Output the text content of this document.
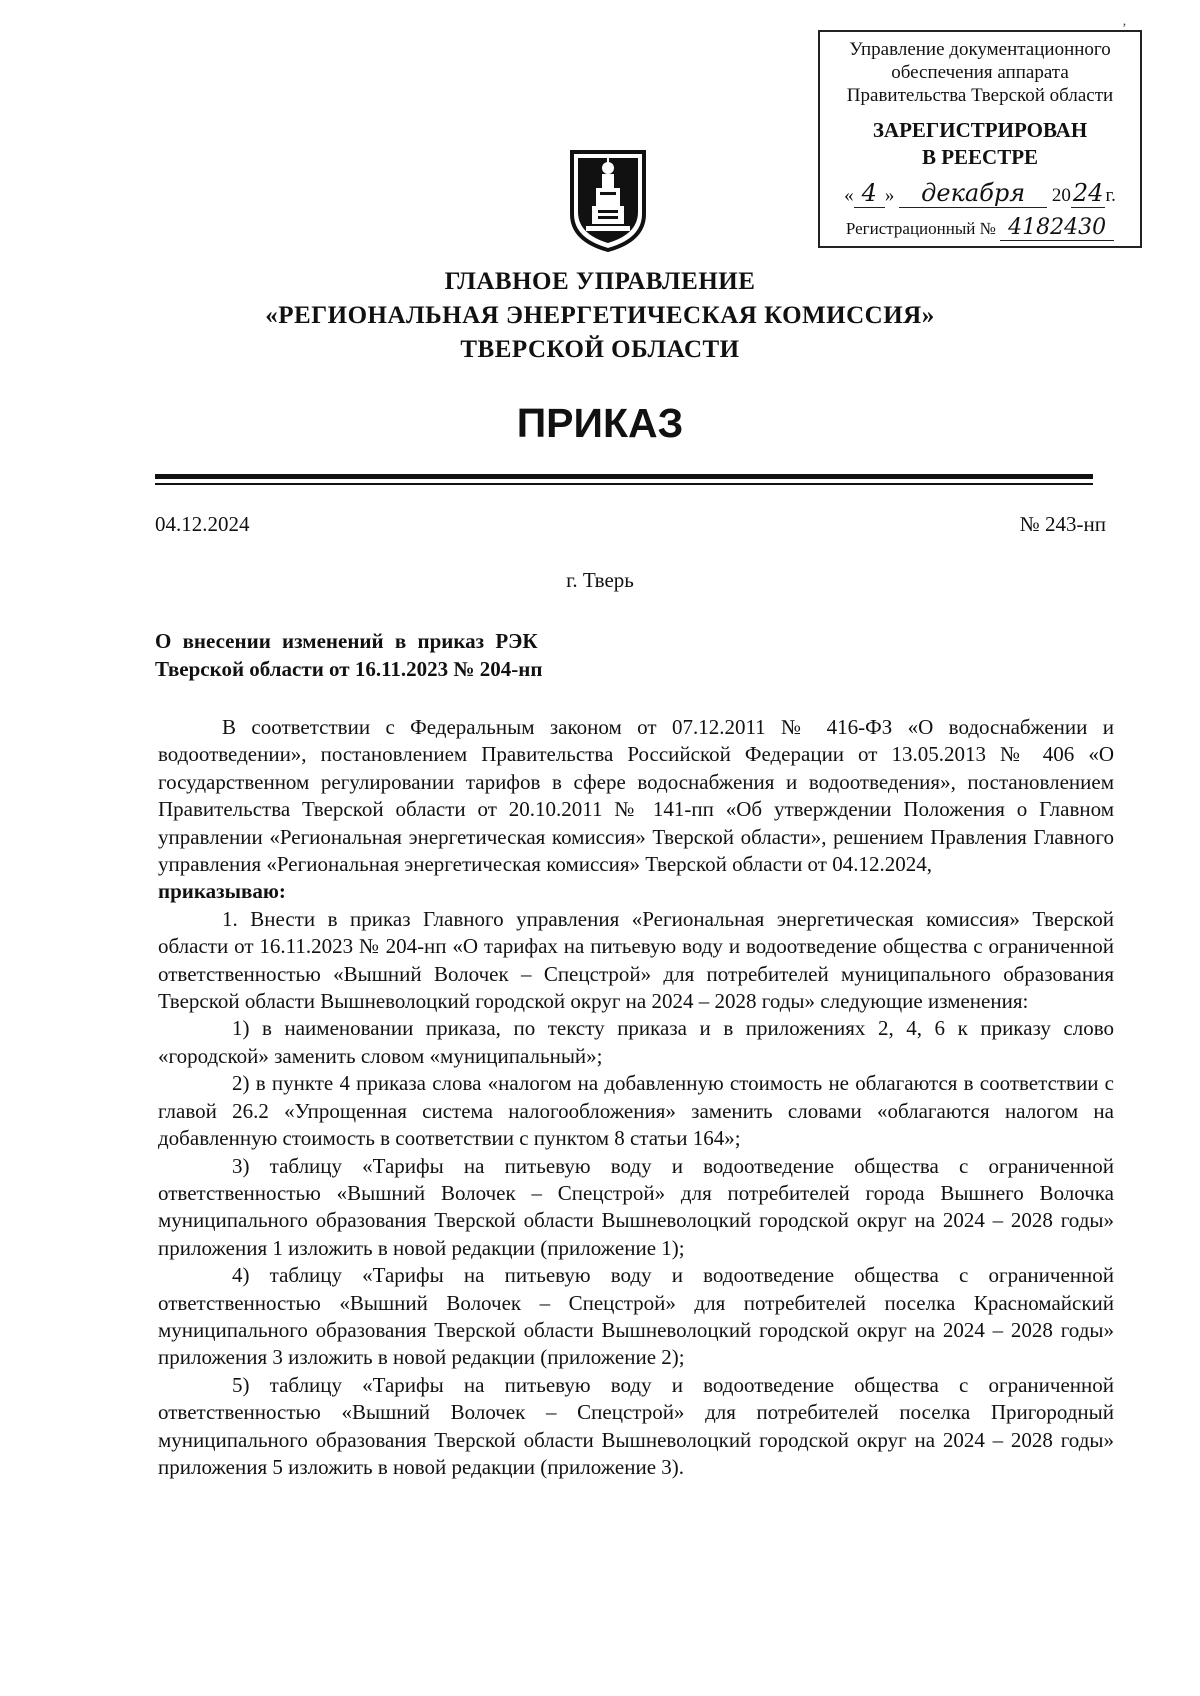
‚
Управление документационного
обеспечения аппарата
Правительства Тверской области
ЗАРЕГИСТРИРОВАН
В РЕЕСТРЕ
« 4 » декабря 2024 г.
Регистрационный № 4182430
ГЛАВНОЕ УПРАВЛЕНИЕ
«РЕГИОНАЛЬНАЯ ЭНЕРГЕТИЧЕСКАЯ КОМИССИЯ»
ТВЕРСКОЙ ОБЛАСТИ
ПРИКАЗ
04.12.2024	№ 243-нп
г. Тверь
О внесении изменений в приказ РЭК
Тверской области от 16.11.2023 № 204-нп

В соответствии с Федеральным законом от 07.12.2011 № 416-ФЗ «О водоснабжении и водоотведении», постановлением Правительства Российской Федерации от 13.05.2013 № 406 «О государственном регулировании тарифов в сфере водоснабжения и водоотведения», постановлением Правительства Тверской области от 20.10.2011 № 141-пп «Об утверждении Положения о Главном управлении «Региональная энергетическая комиссия» Тверской области», решением Правления Главного управления «Региональная энергетическая комиссия» Тверской области от 04.12.2024,

приказываю:

1. Внести в приказ Главного управления «Региональная энергетическая комиссия» Тверской области от 16.11.2023 № 204-нп «О тарифах на питьевую воду и водоотведение общества с ограниченной ответственностью «Вышний Волочек – Спецстрой» для потребителей муниципального образования Тверской области Вышневолоцкий городской округ на 2024 – 2028 годы» следующие изменения:

1) в наименовании приказа, по тексту приказа и в приложениях 2, 4, 6 к приказу слово «городской» заменить словом «муниципальный»;

2) в пункте 4 приказа слова «налогом на добавленную стоимость не облагаются в соответствии с главой 26.2 «Упрощенная система налогообложения» заменить словами «облагаются налогом на добавленную стоимость в соответствии с пунктом 8 статьи 164»;

3) таблицу «Тарифы на питьевую воду и водоотведение общества с ограниченной ответственностью «Вышний Волочек – Спецстрой» для потребителей города Вышнего Волочка муниципального образования Тверской области Вышневолоцкий городской округ на 2024 – 2028 годы» приложения 1 изложить в новой редакции (приложение 1);

4) таблицу «Тарифы на питьевую воду и водоотведение общества с ограниченной ответственностью «Вышний Волочек – Спецстрой» для потребителей поселка Красномайский муниципального образования Тверской области Вышневолоцкий городской округ на 2024 – 2028 годы» приложения 3 изложить в новой редакции (приложение 2);

5) таблицу «Тарифы на питьевую воду и водоотведение общества с ограниченной ответственностью «Вышний Волочек – Спецстрой» для потребителей поселка Пригородный муниципального образования Тверской области Вышневолоцкий городской округ на 2024 – 2028 годы» приложения 5 изложить в новой редакции (приложение 3).
